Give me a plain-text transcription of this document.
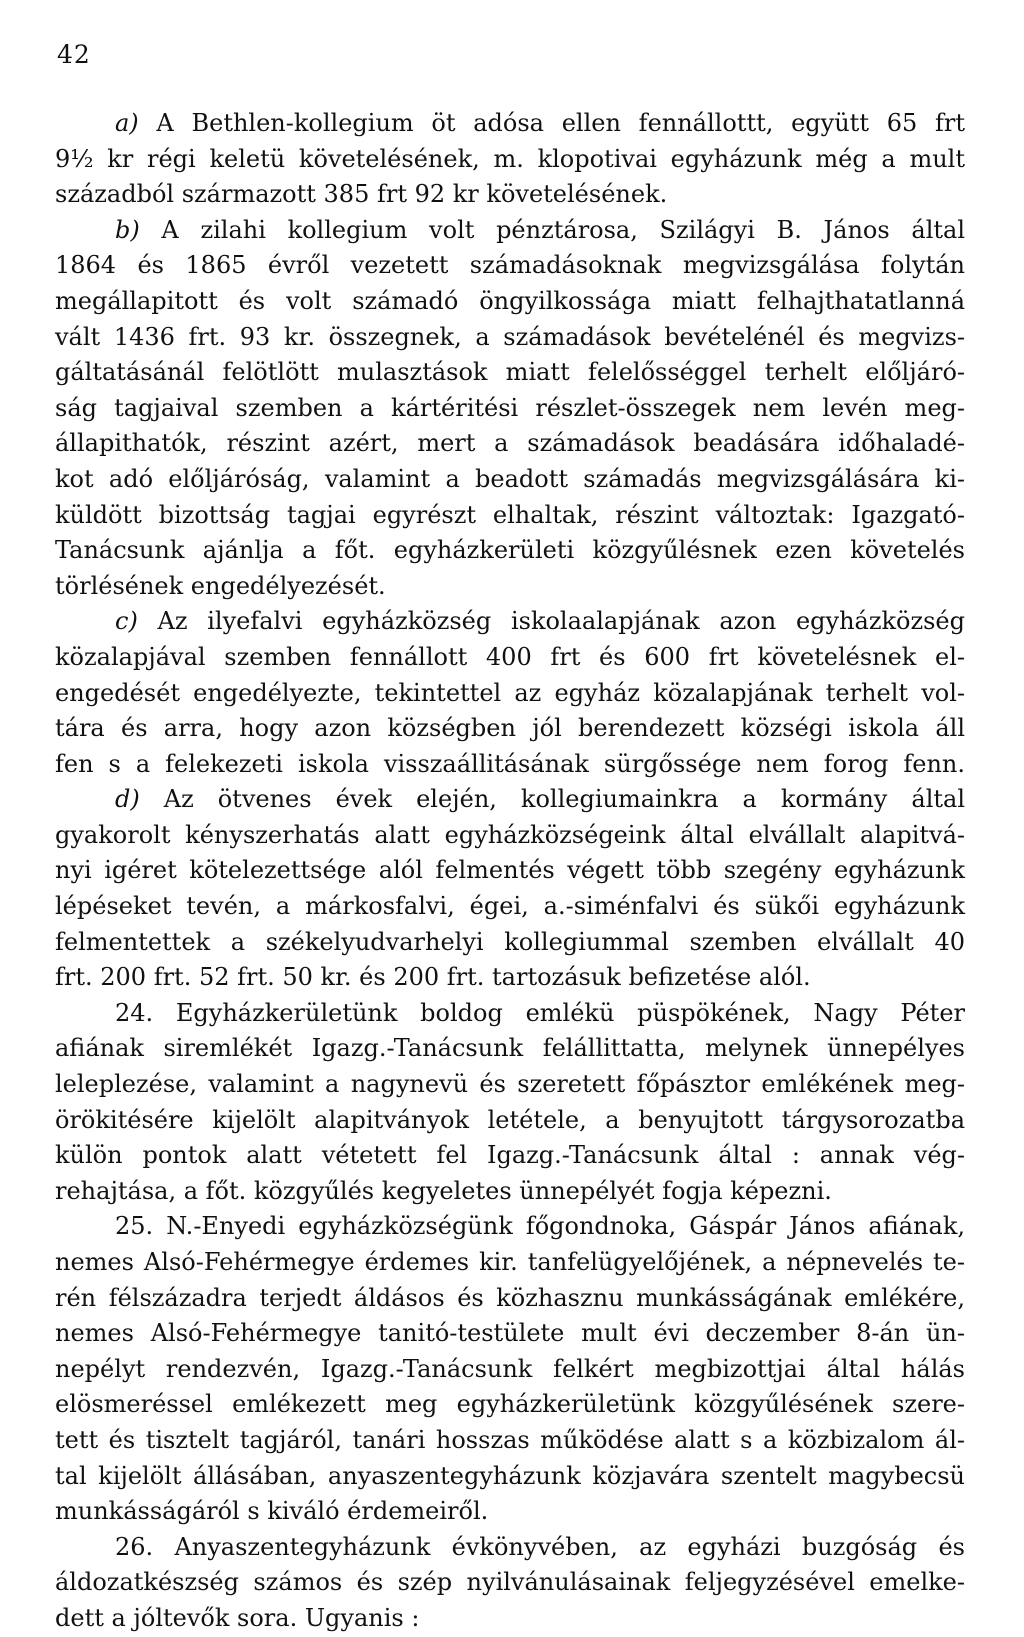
42
a) A Bethlen-kollegium öt adósa ellen fennállottt, együtt 65 frt
9½ kr régi keletü követelésének, m. klopotivai egyházunk még a mult
századból származott 385 frt 92 kr követelésének.
b) A zilahi kollegium volt pénztárosa, Szilágyi B. János által
1864 és 1865 évről vezetett számadásoknak megvizsgálása folytán
megállapitott és volt számadó öngyilkossága miatt felhajthatatlanná
vált 1436 frt. 93 kr. összegnek, a számadások bevételénél és megvizs-
gáltatásánál felötlött mulasztások miatt felelősséggel terhelt előljáró-
ság tagjaival szemben a kártéritési részlet-összegek nem levén meg-
állapithatók, részint azért, mert a számadások beadására időhaladé-
kot adó előljáróság, valamint a beadott számadás megvizsgálására ki-
küldött bizottság tagjai egyrészt elhaltak, részint változtak: Igazgató-
Tanácsunk ajánlja a főt. egyházkerületi közgyűlésnek ezen követelés
törlésének engedélyezését.
c) Az ilyefalvi egyházközség iskolaalapjának azon egyházközség
közalapjával szemben fennállott 400 frt és 600 frt követelésnek el-
engedését engedélyezte, tekintettel az egyház közalapjának terhelt vol-
tára és arra, hogy azon községben jól berendezett községi iskola áll
fen s a felekezeti iskola visszaállitásának sürgőssége nem forog fenn.
d) Az ötvenes évek elején, kollegiumainkra a kormány által
gyakorolt kényszerhatás alatt egyházközségeink által elvállalt alapitvá-
nyi igéret kötelezettsége alól felmentés végett több szegény egyházunk
lépéseket tevén, a márkosfalvi, égei, a.-siménfalvi és sükői egyházunk
felmentettek a székelyudvarhelyi kollegiummal szemben elvállalt 40
frt. 200 frt. 52 frt. 50 kr. és 200 frt. tartozásuk befizetése alól.
24. Egyházkerületünk boldog emlékü püspökének, Nagy Péter
afiának siremlékét Igazg.-Tanácsunk felállittatta, melynek ünnepélyes
leleplezése, valamint a nagynevü és szeretett főpásztor emlékének meg-
örökitésére kijelölt alapitványok letétele, a benyujtott tárgysorozatba
külön pontok alatt vétetett fel Igazg.-Tanácsunk által : annak vég-
rehajtása, a főt. közgyűlés kegyeletes ünnepélyét fogja képezni.
25. N.-Enyedi egyházközségünk főgondnoka, Gáspár János afiának,
nemes Alsó-Fehérmegye érdemes kir. tanfelügyelőjének, a népnevelés te-
rén félszázadra terjedt áldásos és közhasznu munkásságának emlékére,
nemes Alsó-Fehérmegye tanitó-testülete mult évi deczember 8-án ün-
nepélyt rendezvén, Igazg.-Tanácsunk felkért megbizottjai által hálás
elösmeréssel emlékezett meg egyházkerületünk közgyűlésének szere-
tett és tisztelt tagjáról, tanári hosszas működése alatt s a közbizalom ál-
tal kijelölt állásában, anyaszentegyházunk közjavára szentelt magybecsü
munkásságáról s kiváló érdemeiről.
26. Anyaszentegyházunk évkönyvében, az egyházi buzgóság és
áldozatkészség számos és szép nyilvánulásainak feljegyzésével emelke-
dett a jóltevők sora. Ugyanis :
